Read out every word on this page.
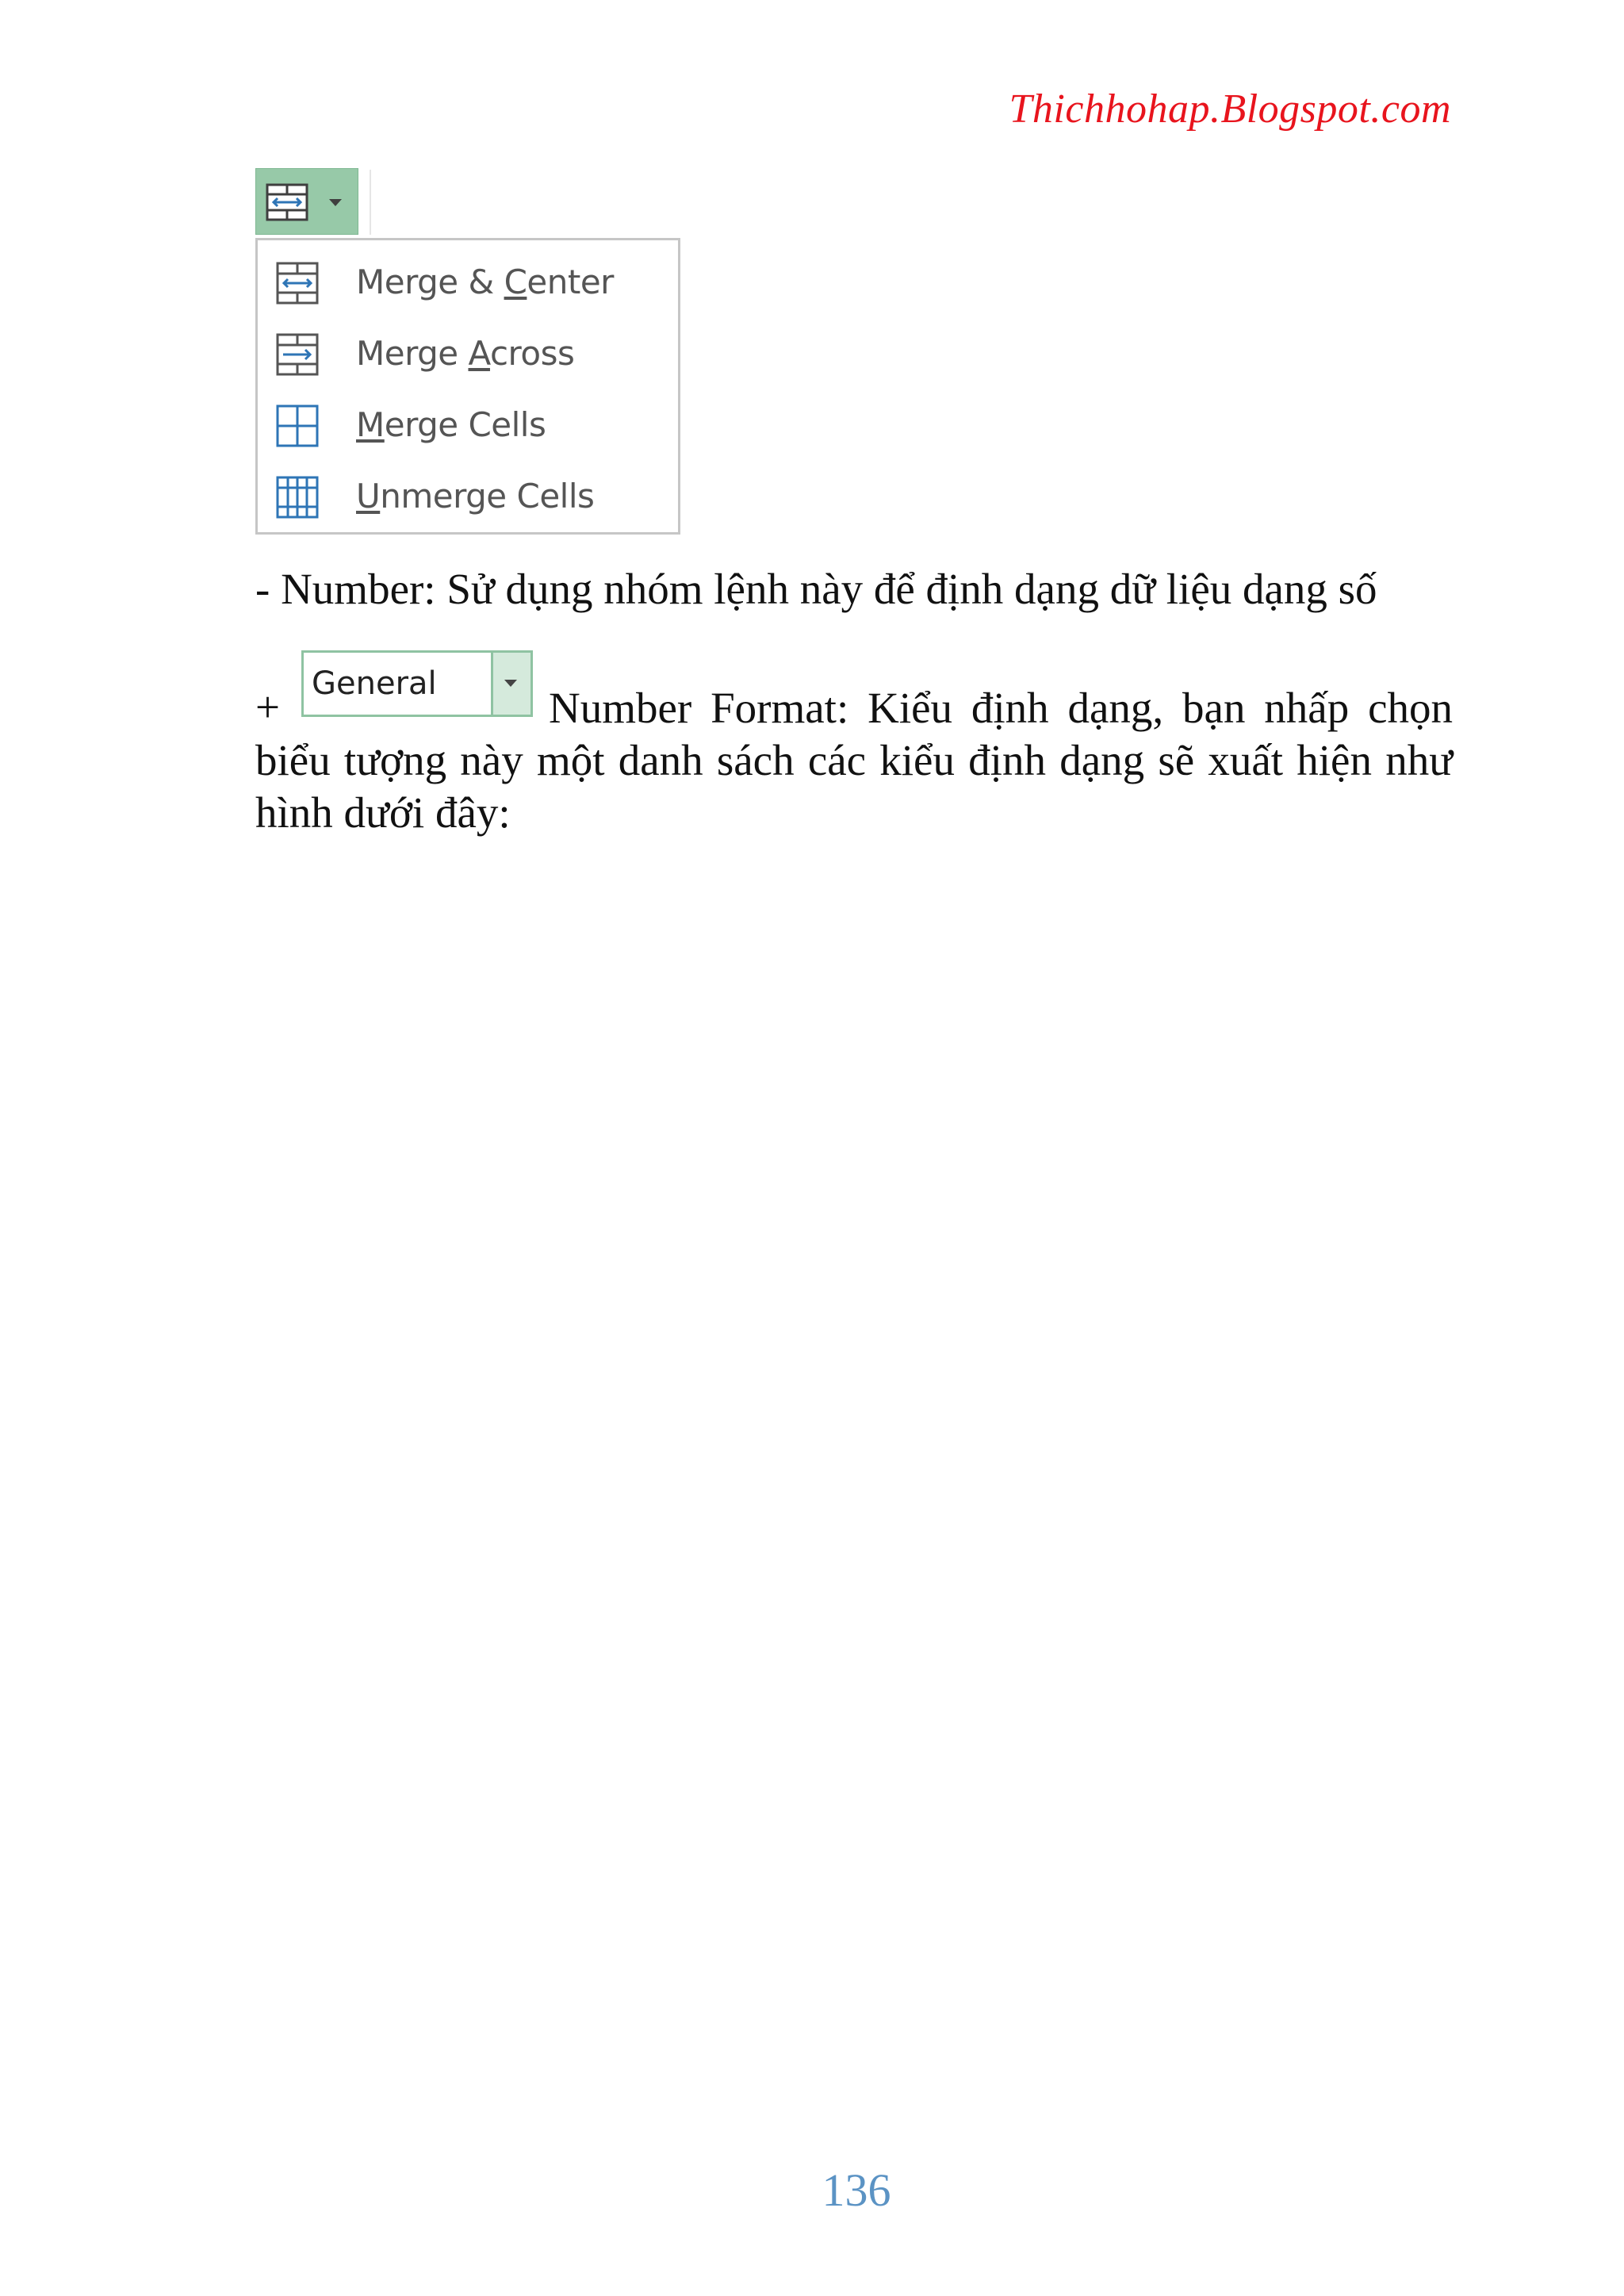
Thichhohap.Blogspot.com
Merge & Center
Merge Across
Merge Cells
Unmerge Cells
- Number: Sử dụng nhóm lệnh này để định dạng dữ liệu dạng số
+ General	Number Format: Kiểu định dạng, bạn nhấp chọn biểu tượng này một danh sách các kiểu định dạng sẽ xuất hiện như hình dưới đây:
136
